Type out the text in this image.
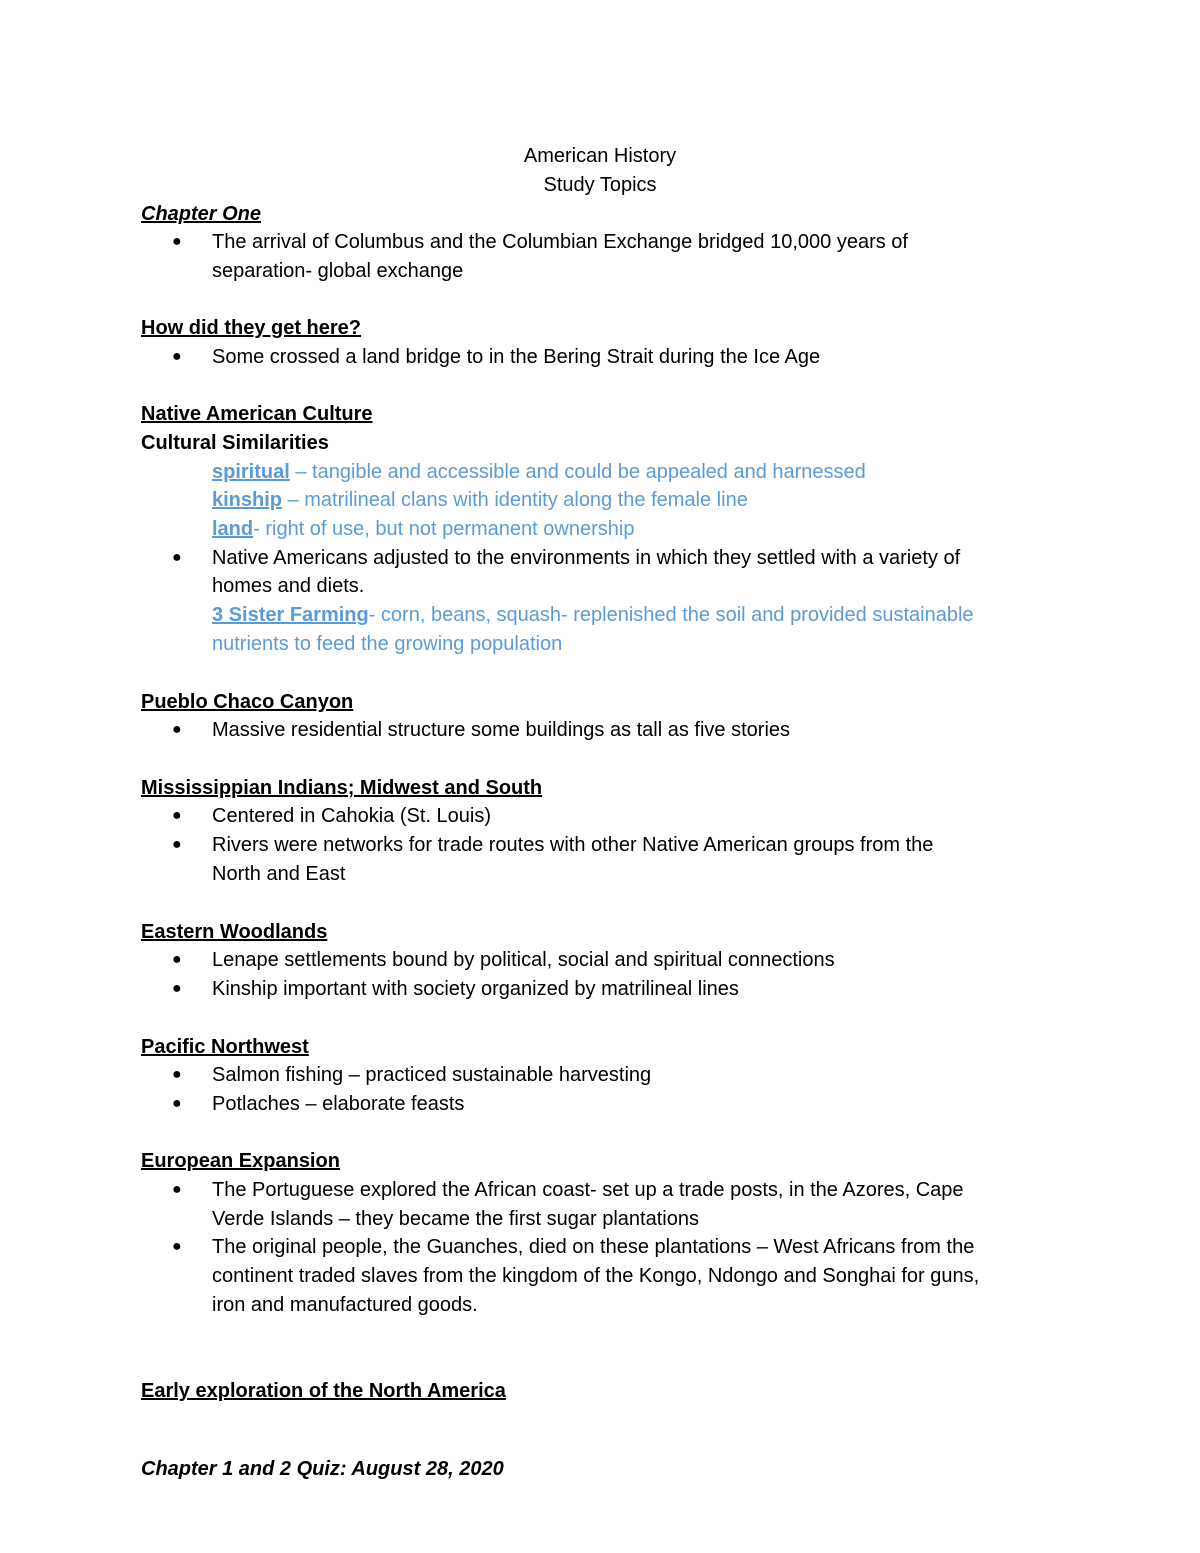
American History
Study Topics
Chapter One
● The arrival of Columbus and the Columbian Exchange bridged 10,000 years of
separation- global exchange
How did they get here?
● Some crossed a land bridge to in the Bering Strait during the Ice Age
Native American Culture
Cultural Similarities
spiritual – tangible and accessible and could be appealed and harnessed
kinship – matrilineal clans with identity along the female line
land- right of use, but not permanent ownership
● Native Americans adjusted to the environments in which they settled with a variety of
homes and diets.
3 Sister Farming- corn, beans, squash- replenished the soil and provided sustainable
nutrients to feed the growing population
Pueblo Chaco Canyon
● Massive residential structure some buildings as tall as five stories
Mississippian Indians; Midwest and South
● Centered in Cahokia (St. Louis)
● Rivers were networks for trade routes with other Native American groups from the
North and East
Eastern Woodlands
● Lenape settlements bound by political, social and spiritual connections
● Kinship important with society organized by matrilineal lines
Pacific Northwest
● Salmon fishing – practiced sustainable harvesting
● Potlaches – elaborate feasts
European Expansion
● The Portuguese explored the African coast- set up a trade posts, in the Azores, Cape
Verde Islands – they became the first sugar plantations
● The original people, the Guanches, died on these plantations – West Africans from the
continent traded slaves from the kingdom of the Kongo, Ndongo and Songhai for guns,
iron and manufactured goods.
Early exploration of the North America
Chapter 1 and 2 Quiz: August 28, 2020
